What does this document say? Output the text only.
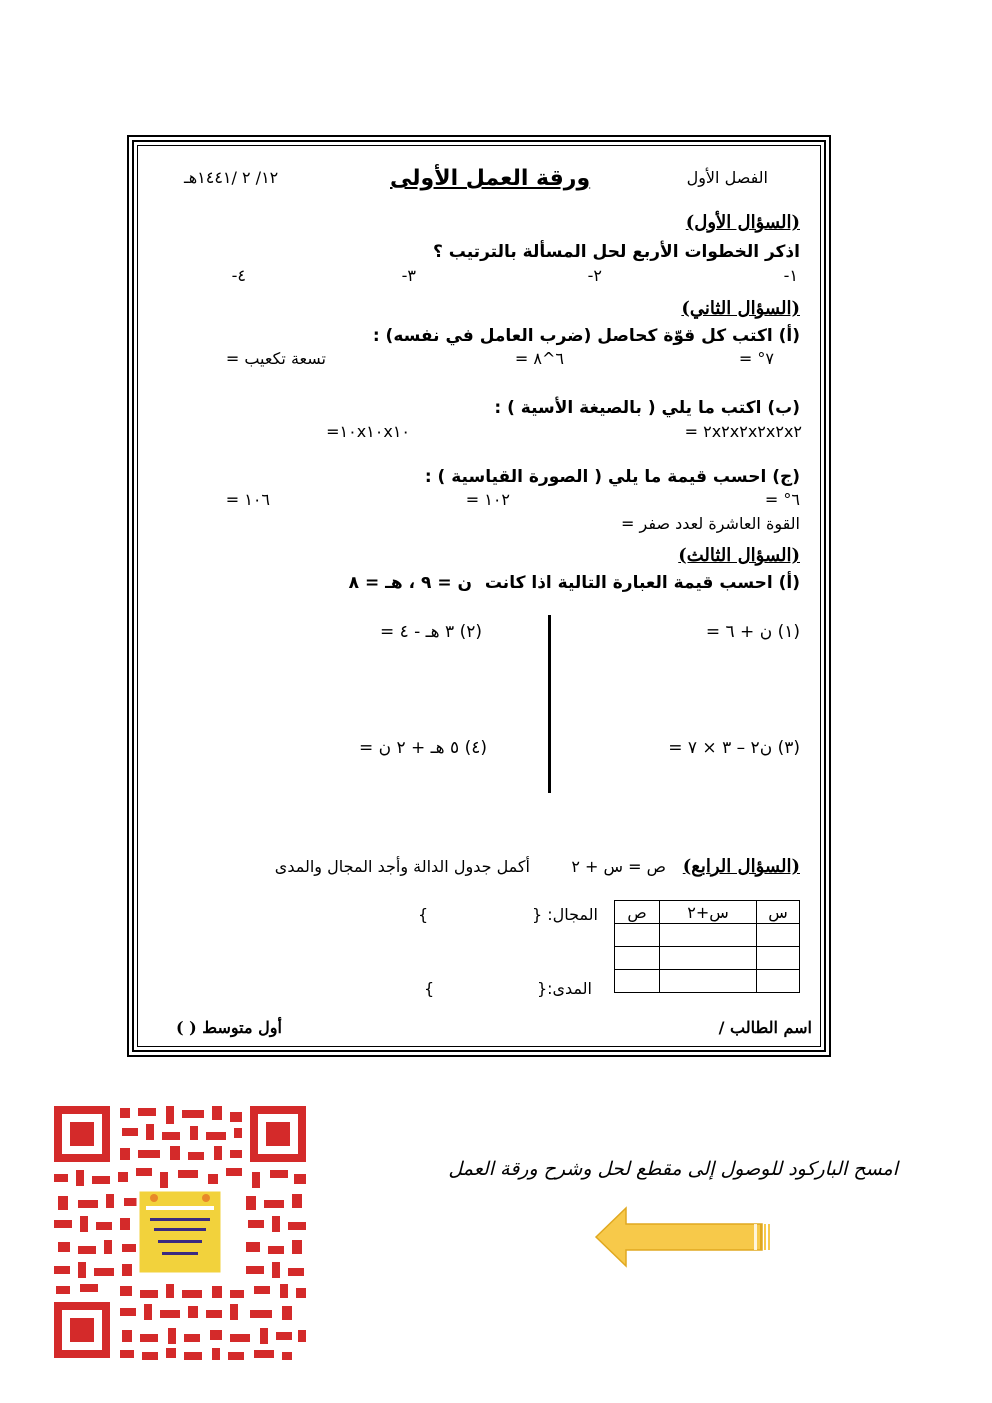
الفصل الأول
ورقة العمل الأولى
١٢/ ٢ /١٤٤١هـ
(السؤال الأول)
اذكر الخطوات الأربع لحل المسألة بالترتيب ؟
١-
٢-
٣-
٤-
(السؤال الثاني)
(أ) اكتب كل قوّة كحاصل (ضرب العامل في نفسه) :
٧° =
٦^٨ =
تسعة تكعيب =
(ب) اكتب ما يلي ( بالصيغة الأسية ) :
٢x٢x٢x٢x٢x٢ =
١٠x١٠x١٠=
(ج) احسب قيمة ما يلي ( الصورة القياسية ) :
٦° =
١٠٢ =
١٠٦ =
القوة العاشرة لعدد صفر =
(السؤال الثالث)
(أ) احسب قيمة العبارة التالية اذا كانت
ن = ٩ ، هـ = ٨
(١) ن + ٦ =
(٢) ٣ هـ - ٤ =
(٣) ن٢ – ٣ × ٧ =
(٤) ٥ هـ + ٢ ن =
(السؤال الرابع)
ص = س + ٢
أكمل جدول الدالة وأجد المجال والمدى
س	س+٢	ص

المجال: {
}
المدى:{
}
اسم الطالب /
أول متوسط ( )
امسح الباركود للوصول إلى مقطع لحل وشرح ورقة العمل
